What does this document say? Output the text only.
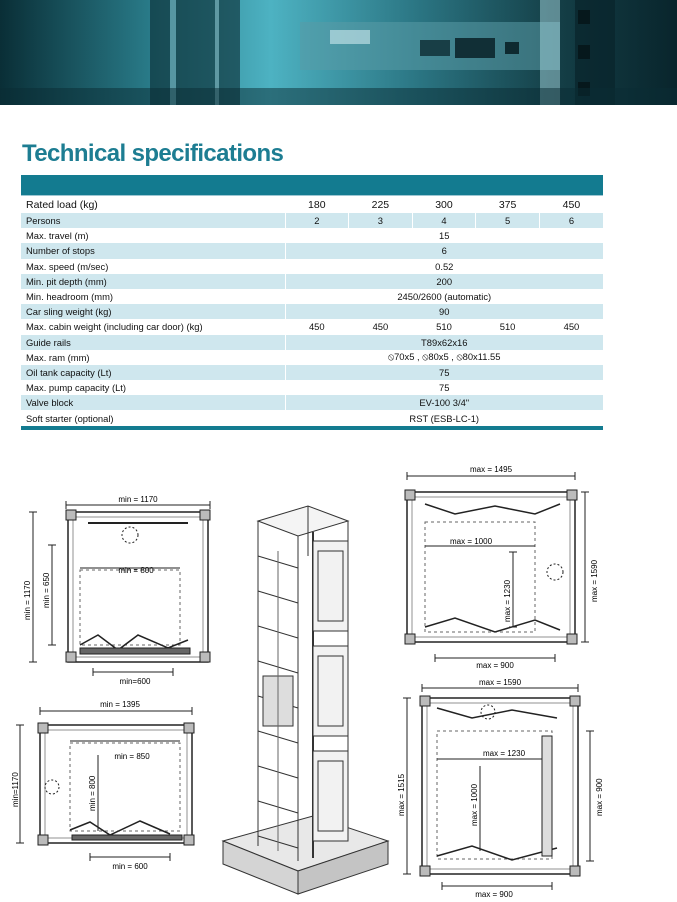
Technical specifications
Rated load (kg)	180	225	300	375	450
Persons	2	3	4	5	6
Max. travel (m)	15				
Number of stops	6				
Max. speed (m/sec)	0.52				
Min. pit depth (mm)	200				
Min. headroom (mm)	2450/2600 (automatic)				
Car sling weight (kg)	90				
Max. cabin weight (including car door) (kg)	450	450	510	510	450
Guide rails	T89x62x16				
Max. ram (mm)	⦸70x5 , ⦸80x5 , ⦸80x11.55				
Oil tank capacity (Lt)	75				
Max. pump capacity (Lt)	75				
Valve block	EV-100 3/4"				
Soft starter (optional)	RST (ESB-LC-1)				
min = 1170
min = 800
min=600
min = 1170 min = 650
min = 1395
min = 850
min = 600
min=1170	min = 800
max = 1495
max = 1000
max = 900
max = 1230	max = 1590
max = 1590
max = 1230
max = 900
max = 1515	max = 1000	max = 900
